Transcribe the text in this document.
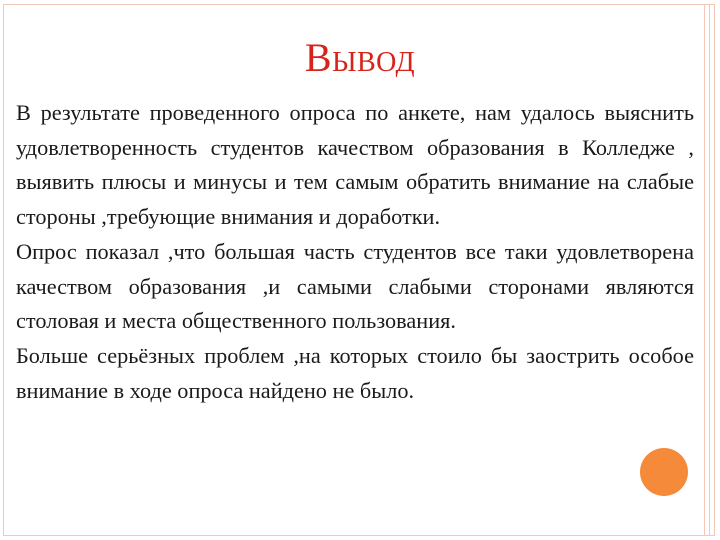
Вывод

В результате проведенного опроса по анкете, нам удалось выяснить удовлетворенность студентов качеством образования в Колледже , выявить плюсы и минусы и тем самым обратить внимание на слабые стороны ,требующие внимания и доработки.

Опрос показал ,что большая часть студентов все таки удовлетворена качеством образования ,и самыми слабыми сторонами являются столовая и места общественного пользования.

Больше серьёзных проблем ,на которых стоило бы заострить особое внимание в ходе опроса найдено не было.
